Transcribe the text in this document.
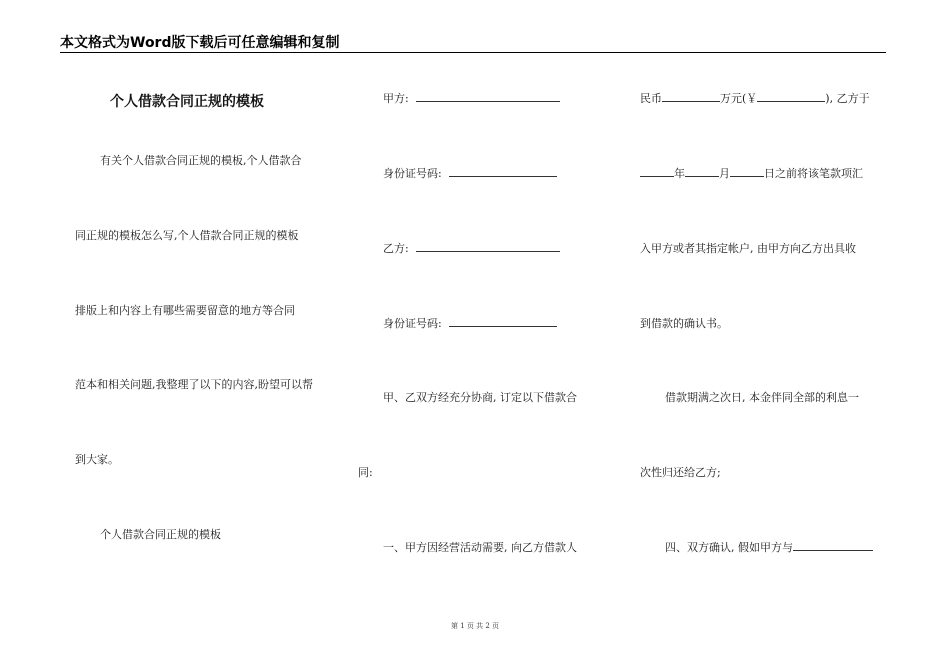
本文格式为Word版下载后可任意编辑和复制
个人借款合同正规的模板
有关个人借款合同正规的模板,个人借款合
同正规的模板怎么写,个人借款合同正规的模板
排版上和内容上有哪些需要留意的地方等合同
范本和相关问题,我整理了以下的内容,盼望可以帮
到大家。
个人借款合同正规的模板
甲方:
身份证号码:
乙方:
身份证号码:
甲、乙双方经充分协商, 订定以下借款合
同:
一、甲方因经营活动需要, 向乙方借款人
民币	万元(￥	), 乙方于
年	月	日之前将该笔款项汇
入甲方或者其指定帐户, 由甲方向乙方出具收
到借款的确认书。
借款期满之次日, 本金伴同全部的利息一
次性归还给乙方;
四、双方确认, 假如甲方与
第 1 页 共 2 页
